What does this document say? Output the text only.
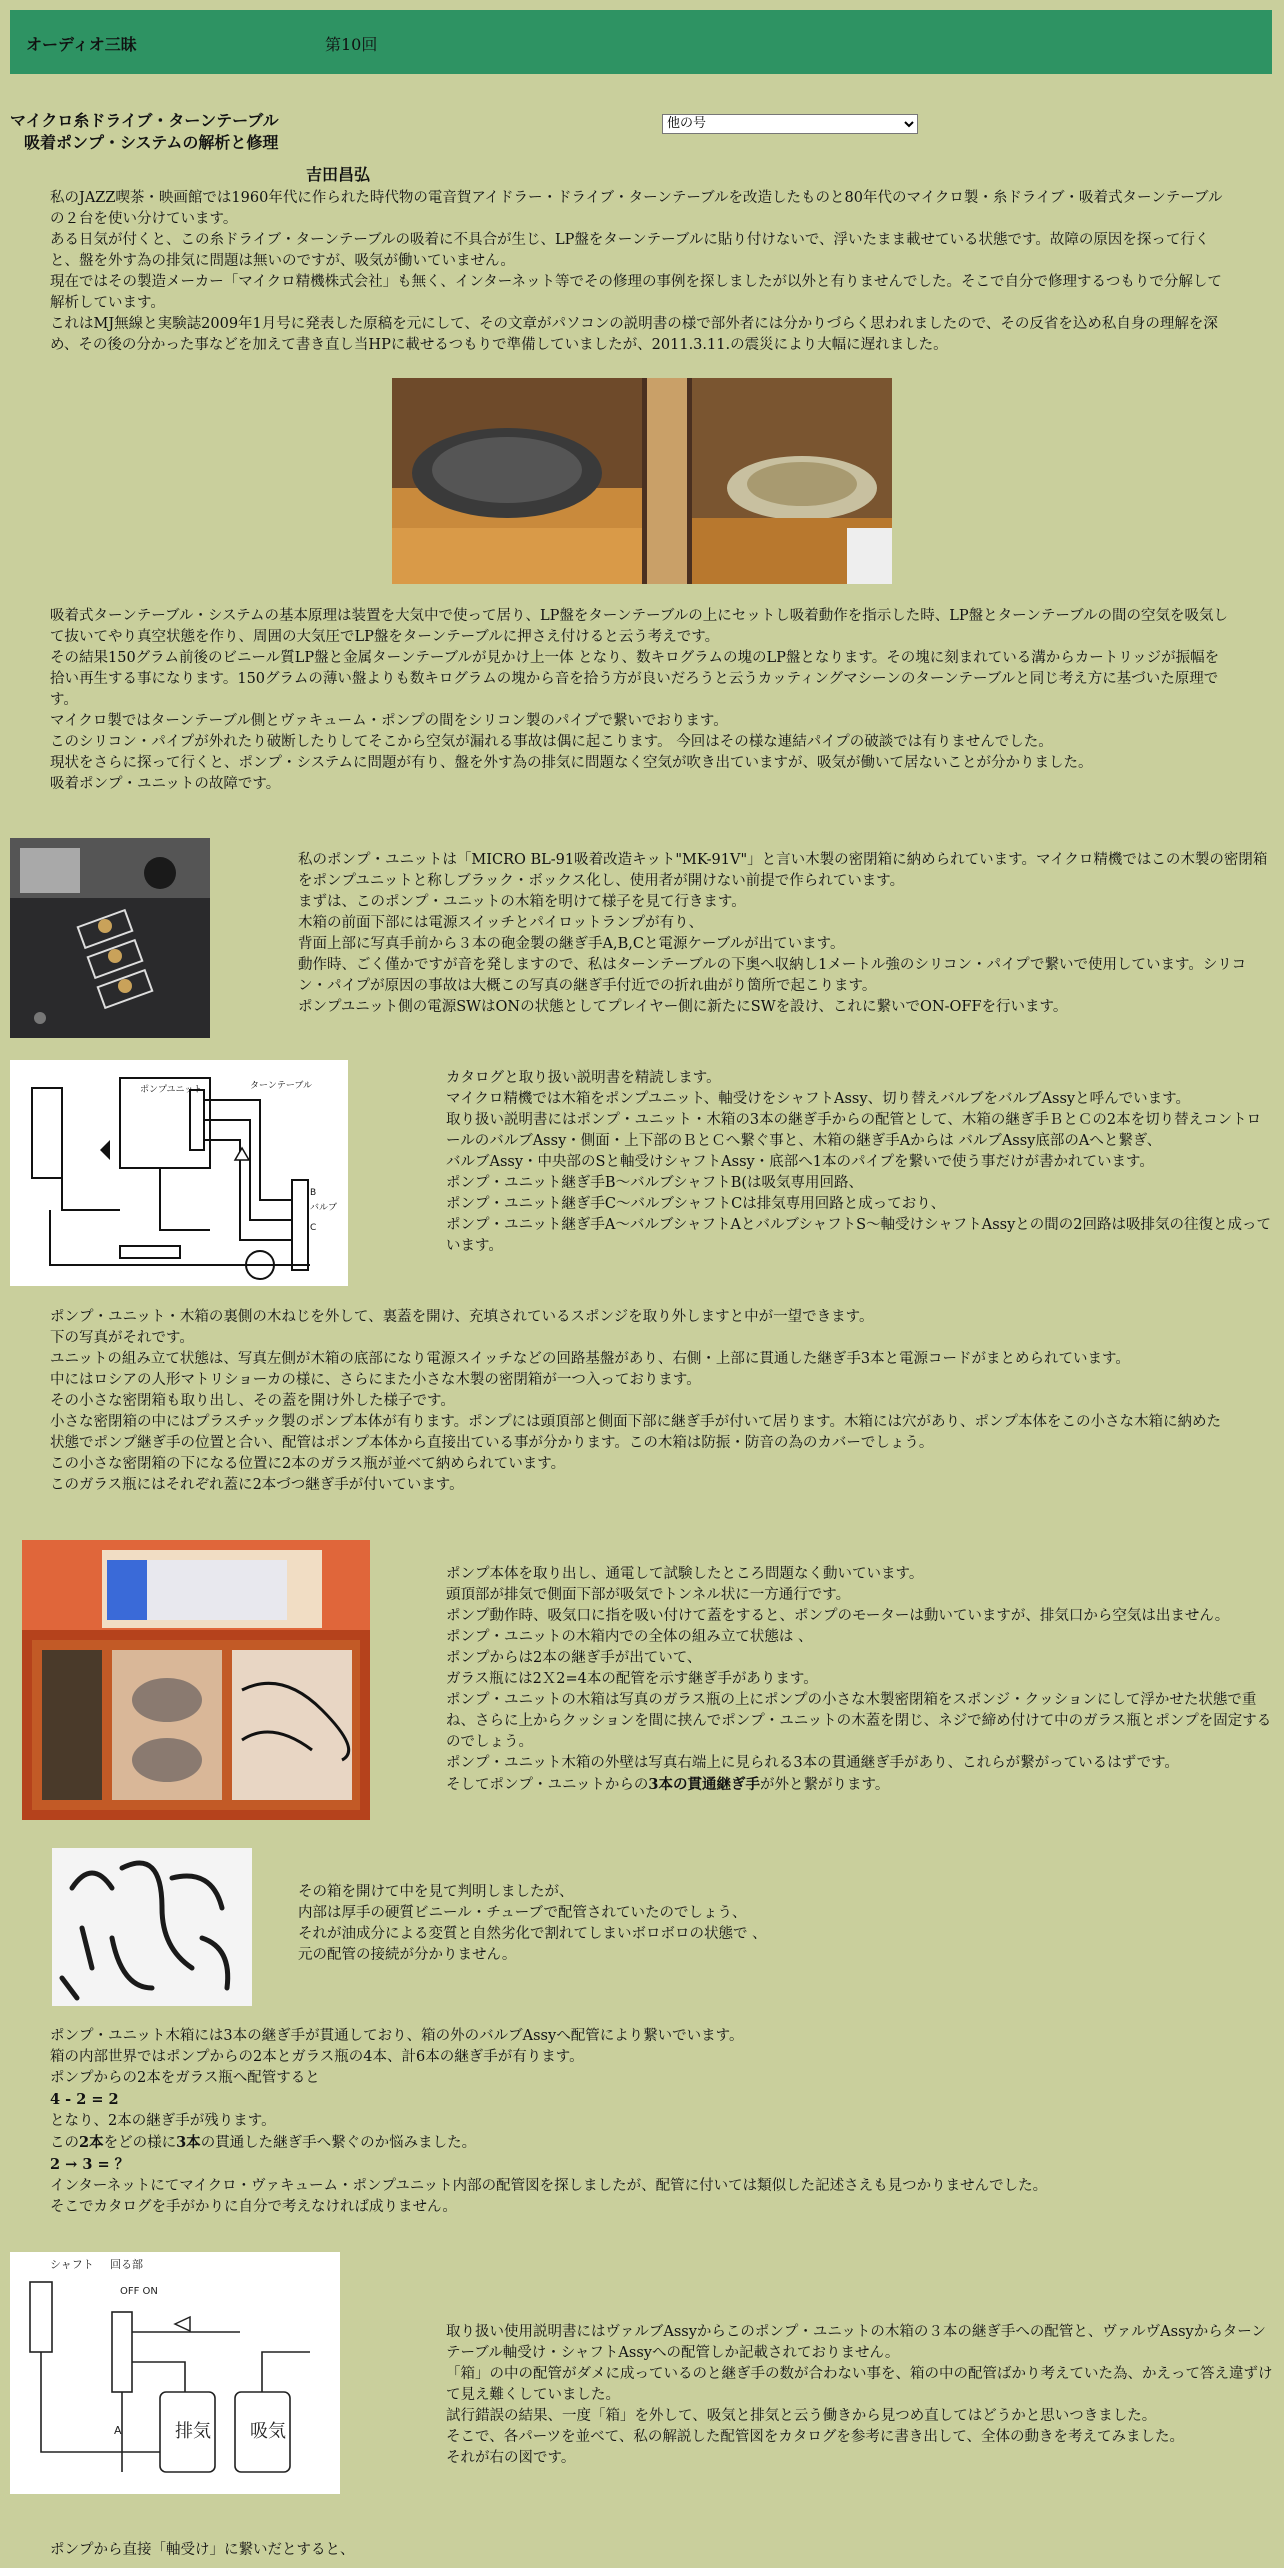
オーディオ三昧	第10回
マイクロ糸ドライブ・ターンテーブル
吸着ポンプ・システムの解析と修理
他の号
吉田昌弘

私のJAZZ喫茶・映画館では1960年代に作られた時代物の電音賀アイドラー・ドライブ・ターンテーブルを改造したものと80年代のマイクロ製・糸ドライブ・吸着式ターンテーブルの２台を使い分けています。

ある日気が付くと、この糸ドライブ・ターンテーブルの吸着に不具合が生じ、LP盤をターンテーブルに貼り付けないで、浮いたまま載せている状態です。故障の原因を探って行くと、盤を外す為の排気に問題は無いのですが、吸気が働いていません。

現在ではその製造メーカー「マイクロ精機株式会社」も無く、インターネット等でその修理の事例を探しましたが以外と有りませんでした。そこで自分で修理するつもりで分解して解析しています。

これはMJ無線と実験誌2009年1月号に発表した原稿を元にして、その文章がパソコンの説明書の様で部外者には分かりづらく思われましたので、その反省を込め私自身の理解を深め、その後の分かった事などを加えて書き直し当HPに載せるつもりで準備していましたが、2011.3.11.の震災により大幅に遅れました。

吸着式ターンテーブル・システムの基本原理は装置を大気中で使って居り、LP盤をターンテーブルの上にセットし吸着動作を指示した時、LP盤とターンテーブルの間の空気を吸気して抜いてやり真空状態を作り、周囲の大気圧でLP盤をターンテーブルに押さえ付けると云う考えです。

その結果150グラム前後のビニール質LP盤と金属ターンテーブルが見かけ上一体 となり、数キログラムの塊のLP盤となります。その塊に刻まれている溝からカートリッジが振幅を拾い再生する事になります。150グラムの薄い盤よりも数キログラムの塊から音を拾う方が良いだろうと云うカッティングマシーンのターンテーブルと同じ考え方に基づいた原理です。

マイクロ製ではターンテーブル側とヴァキューム・ポンプの間をシリコン製のパイプで繋いでおります。

このシリコン・パイプが外れたり破断したりしてそこから空気が漏れる事故は偶に起こります。 今回はその様な連結パイプの破談では有りませんでした。

現状をさらに探って行くと、ポンプ・システムに問題が有り、盤を外す為の排気に問題なく空気が吹き出ていますが、吸気が働いて居ないことが分かりました。

吸着ポンプ・ユニットの故障です。

私のポンプ・ユニットは「MICRO BL-91吸着改造キット"MK-91V"」と言い木製の密閉箱に納められています。マイクロ精機ではこの木製の密閉箱をポンプユニットと称しブラック・ボックス化し、使用者が開けない前提で作られています。

まずは、このポンプ・ユニットの木箱を明けて様子を見て行きます。

木箱の前面下部には電源スイッチとパイロットランプが有り、

背面上部に写真手前から３本の砲金製の継ぎ手A,B,Cと電源ケーブルが出ています。

動作時、ごく僅かですが音を発しますので、私はターンテーブルの下奥へ収納し1メートル強のシリコン・パイプで繋いで使用しています。シリコン・パイプが原因の事故は大概この写真の継ぎ手付近での折れ曲がり箇所で起こります。

ポンプユニット側の電源SWはONの状態としてプレイヤー側に新たにSWを設け、これに繋いでON-OFFを行います。

ポンプユニット	ターンテーブル
バルブ
B
C

カタログと取り扱い説明書を精読します。

マイクロ精機では木箱をポンプユニット、軸受けをシャフトAssy、切り替えバルブをバルブAssyと呼んでいます。

取り扱い説明書にはポンプ・ユニット・木箱の3本の継ぎ手からの配管として、木箱の継ぎ手ＢとＣの2本を切り替えコントロールのバルブAssy・側面・上下部のＢとＣへ繋ぐ事と、木箱の継ぎ手Aからは バルブAssy底部のAへと繋ぎ、

バルブAssy・中央部のSと軸受けシャフトAssy・底部へ1本のパイプを繋いで使う事だけが書かれています。

ポンプ・ユニット継ぎ手B～バルブシャフトB(は吸気専用回路、

ポンプ・ユニット継ぎ手C～バルブシャフトCは排気専用回路と成っており、

ポンプ・ユニット継ぎ手A～バルブシャフトAとバルブシャフトS～軸受けシャフトAssyとの間の2回路は吸排気の往復と成っています。

ポンプ・ユニット・木箱の裏側の木ねじを外して、裏蓋を開け、充填されているスポンジを取り外しますと中が一望できます。

下の写真がそれです。

ユニットの組み立て状態は、写真左側が木箱の底部になり電源スイッチなどの回路基盤があり、右側・上部に貫通した継ぎ手3本と電源コードがまとめられています。

中にはロシアの人形マトリショーカの様に、さらにまた小さな木製の密閉箱が一つ入っております。

その小さな密閉箱も取り出し、その蓋を開け外した様子です。

小さな密閉箱の中にはプラスチック製のポンプ本体が有ります。ポンプには頭頂部と側面下部に継ぎ手が付いて居ります。木箱には穴があり、ポンプ本体をこの小さな木箱に納めた状態でポンプ継ぎ手の位置と合い、配管はポンプ本体から直接出ている事が分かります。この木箱は防振・防音の為のカバーでしょう。

この小さな密閉箱の下になる位置に2本のガラス瓶が並べて納められています。

このガラス瓶にはそれぞれ蓋に2本づつ継ぎ手が付いています。

ポンプ本体を取り出し、通電して試験したところ問題なく動いています。

頭頂部が排気で側面下部が吸気でトンネル状に一方通行です。

ポンプ動作時、吸気口に指を吸い付けて蓋をすると、ポンプのモーターは動いていますが、排気口から空気は出ません。

ポンプ・ユニットの木箱内での全体の組み立て状態は 、

ポンプからは2本の継ぎ手が出ていて、

ガラス瓶には2Ｘ2=4本の配管を示す継ぎ手があります。

ポンプ・ユニットの木箱は写真のガラス瓶の上にポンプの小さな木製密閉箱をスポンジ・クッションにして浮かせた状態で重ね、さらに上からクッションを間に挟んでポンプ・ユニットの木蓋を閉じ、ネジで締め付けて中のガラス瓶とポンプを固定するのでしょう。

ポンプ・ユニット木箱の外壁は写真右端上に見られる3本の貫通継ぎ手があり、これらが繋がっているはずです。

そしてポンプ・ユニットからの3本の貫通継ぎ手が外と繋がります。

その箱を開けて中を見て判明しましたが、

内部は厚手の硬質ビニール・チューブで配管されていたのでしょう、

それが油成分による変質と自然劣化で割れてしまいボロボロの状態で 、

元の配管の接続が分かりません。

ポンプ・ユニット木箱には3本の継ぎ手が貫通しており、箱の外のバルブAssyへ配管により繋いでいます。

箱の内部世界ではポンプからの2本とガラス瓶の4本、計6本の継ぎ手が有ります。

ポンプからの2本をガラス瓶へ配管すると

4 - 2 = 2

となり、2本の継ぎ手が残ります。

この2本をどの様に3本の貫通した継ぎ手へ繋ぐのか悩みました。

2 → 3 = ？

インターネットにてマイクロ・ヴァキューム・ポンプユニット内部の配管図を探しましたが、配管に付いては類似した記述さえも見つかりませんでした。

そこでカタログを手がかりに自分で考えなければ成りません。

シャフト 回る部
OFF ON
A	排気 吸気

取り扱い使用説明書にはヴァルブAssyからこのポンプ・ユニットの木箱の３本の継ぎ手への配管と、ヴァルヴAssyからターンテーブル軸受け・シャフトAssyへの配管しか記載されておりません。

「箱」の中の配管がダメに成っているのと継ぎ手の数が合わない事を、箱の中の配管ばかり考えていた為、かえって答え違ずけて見え難くしていました。

試行錯誤の結果、一度「箱」を外して、吸気と排気と云う働きから見つめ直してはどうかと思いつきました。

そこで、各パーツを並べて、私の解説した配管図をカタログを参考に書き出して、全体の動きを考えてみました。

それが右の図です。

ポンプから直接「軸受け」に繋いだとすると、
